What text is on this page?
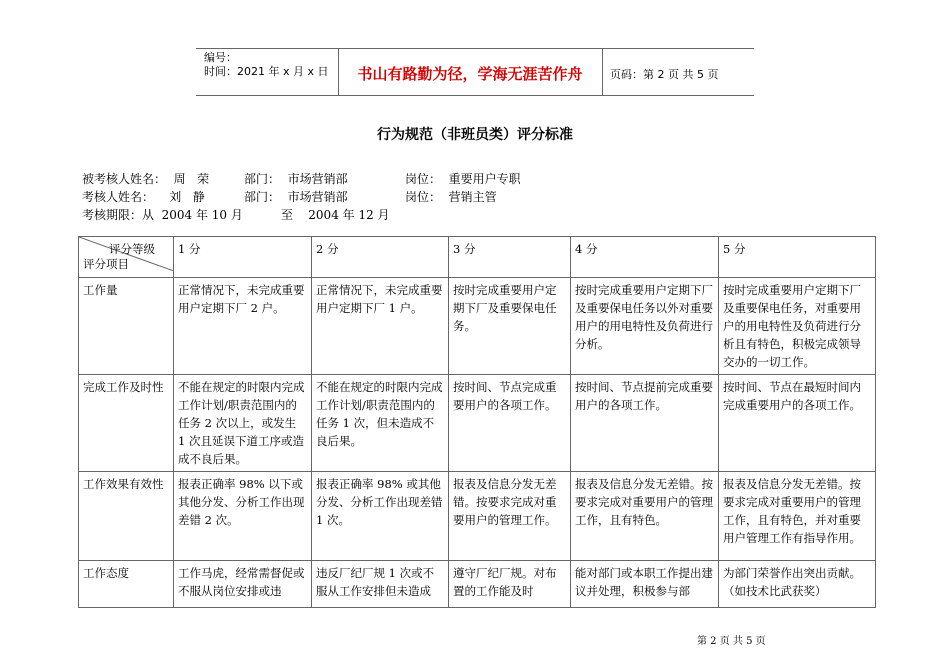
编号：
时间：2021 年 x 月 x 日	书山有路勤为径，学海无涯苦作舟	页码：第 2 页 共 5 页
行为规范（非班员类）评分标准
被考核人姓名：  周   荣	部门：  市场营销部	岗位：  重要用户专职
考核人姓名：    刘   静	部门：  市场营销部	岗位：  营销主管
考核期限：从  2004 年 10 月          至    2004 年 12 月
评分等级
评分项目	1 分	2 分	3 分	4 分	5 分
工作量	正常情况下，未完成重要用户定期下厂 2 户。	正常情况下，未完成重要用户定期下厂 1 户。	按时完成重要用户定期下厂及重要保电任务。	按时完成重要用户定期下厂及重要保电任务以外对重要用户的用电特性及负荷进行分析。	按时完成重要用户定期下厂及重要保电任务，对重要用户的用电特性及负荷进行分析且有特色，积极完成领导交办的一切工作。
完成工作及时性	不能在规定的时限内完成工作计划/职责范围内的任务 2 次以上，或发生 1 次且延误下道工序或造成不良后果。	不能在规定的时限内完成工作计划/职责范围内的任务 1 次，但未造成不良后果。	按时间、节点完成重要用户的各项工作。	按时间、节点提前完成重要用户的各项工作。	按时间、节点在最短时间内完成重要用户的各项工作。
工作效果有效性	报表正确率 98% 以下或其他分发、分析工作出现差错 2 次。	报表正确率 98% 或其他分发、分析工作出现差错 1 次。	报表及信息分发无差错。按要求完成对重要用户的管理工作。	报表及信息分发无差错。按要求完成对重要用户的管理工作，且有特色。	报表及信息分发无差错。按要求完成对重要用户的管理工作，且有特色，并对重要用户管理工作有指导作用。

工作态度	工作马虎，经常需督促或不服从岗位安排或违	违反厂纪厂规 1 次或不服从工作安排但未造成	遵守厂纪厂规。对布置的工作能及时	能对部门或本职工作提出建议并处理，积极参与部	为部门荣誉作出突出贡献。（如技术比武获奖）
第 2 页 共 5 页
